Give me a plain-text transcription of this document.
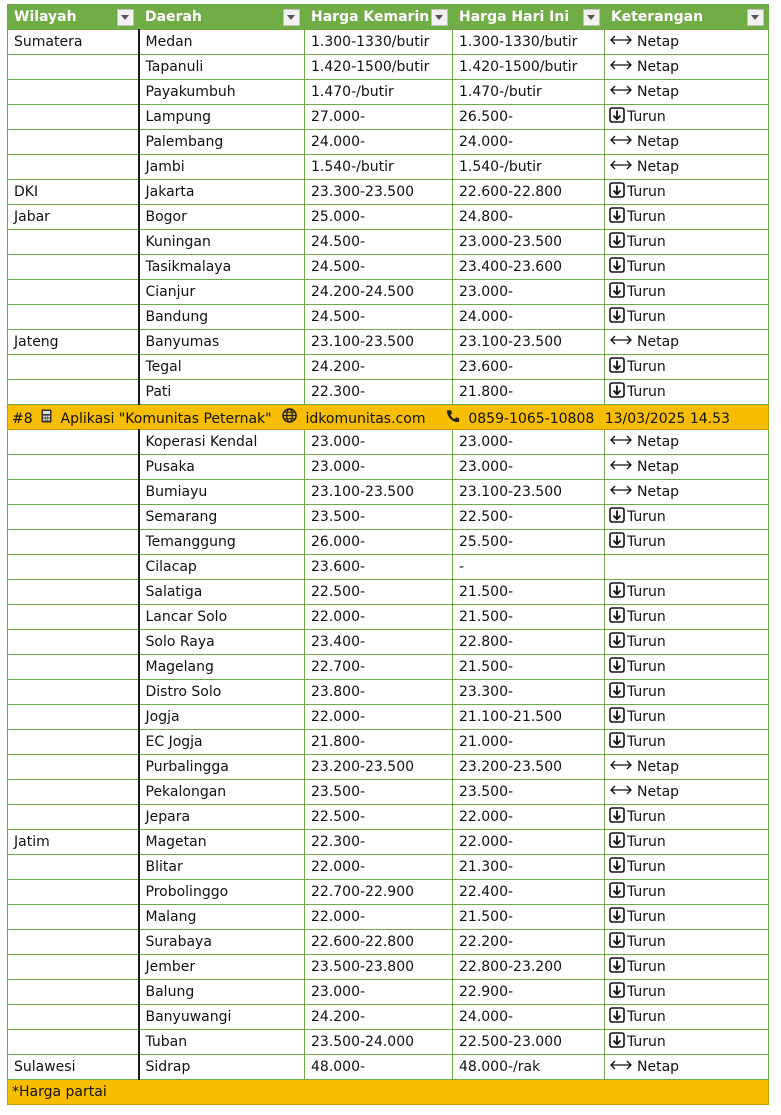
Wilayah	Daerah	Harga Kemarin	Harga Hari Ini	Keterangan

Sumatera	Medan	1.300-1330/butir	1.300-1330/butir	Netap
	Tapanuli	1.420-1500/butir	1.420-1500/butir	Netap
	Payakumbuh	1.470-/butir	1.470-/butir	Netap
	Lampung	27.000-	26.500-	Turun
	Palembang	24.000-	24.000-	Netap
	Jambi	1.540-/butir	1.540-/butir	Netap
DKI	Jakarta	23.300-23.500	22.600-22.800	Turun
Jabar	Bogor	25.000-	24.800-	Turun
	Kuningan	24.500-	23.000-23.500	Turun
	Tasikmalaya	24.500-	23.400-23.600	Turun
	Cianjur	24.200-24.500	23.000-	Turun
	Bandung	24.500-	24.000-	Turun
Jateng	Banyumas	23.100-23.500	23.100-23.500	Netap
	Tegal	24.200-	23.600-	Turun
	Pati	22.300-	21.800-	Turun
#8 Aplikasi "Komunitas Peternak" idkomunitas.com 0859-1065-10808 13/03/2025 14.53				
	Koperasi Kendal	23.000-	23.000-	Netap
	Pusaka	23.000-	23.000-	Netap
	Bumiayu	23.100-23.500	23.100-23.500	Netap
	Semarang	23.500-	22.500-	Turun
	Temanggung	26.000-	25.500-	Turun
	Cilacap	23.600-	-	
	Salatiga	22.500-	21.500-	Turun
	Lancar Solo	22.000-	21.500-	Turun
	Solo Raya	23.400-	22.800-	Turun
	Magelang	22.700-	21.500-	Turun
	Distro Solo	23.800-	23.300-	Turun
	Jogja	22.000-	21.100-21.500	Turun
	EC Jogja	21.800-	21.000-	Turun
	Purbalingga	23.200-23.500	23.200-23.500	Netap
	Pekalongan	23.500-	23.500-	Netap
	Jepara	22.500-	22.000-	Turun
Jatim	Magetan	22.300-	22.000-	Turun
	Blitar	22.000-	21.300-	Turun
	Probolinggo	22.700-22.900	22.400-	Turun
	Malang	22.000-	21.500-	Turun
	Surabaya	22.600-22.800	22.200-	Turun
	Jember	23.500-23.800	22.800-23.200	Turun
	Balung	23.000-	22.900-	Turun
	Banyuwangi	24.200-	24.000-	Turun
	Tuban	23.500-24.000	22.500-23.000	Turun
Sulawesi	Sidrap	48.000-	48.000-/rak	Netap
*Harga partai				
